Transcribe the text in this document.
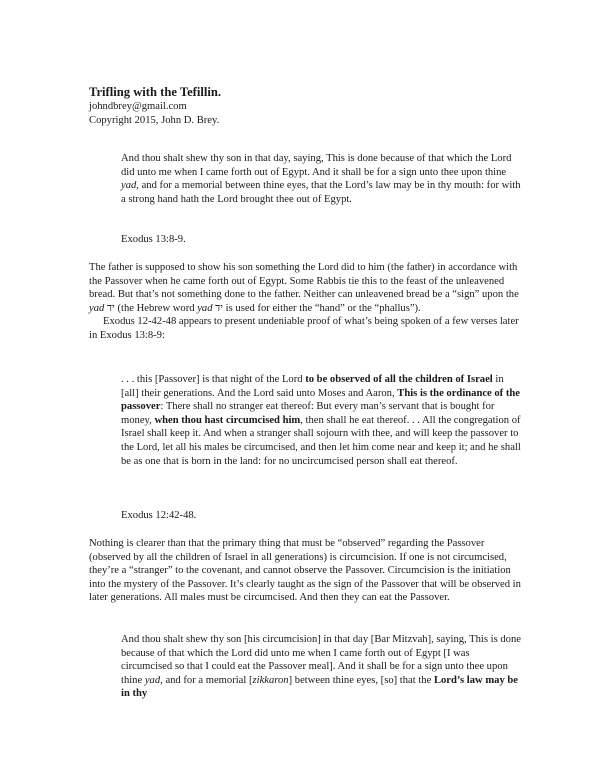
Trifling with the Tefillin.
johndbrey@gmail.com
Copyright 2015, John D. Brey.

And thou shalt shew thy son in that day, saying, This is done because of that which the Lord did unto me when I came forth out of Egypt. And it shall be for a sign unto thee upon thine yad, and for a memorial between thine eyes, that the Lord’s law may be in thy mouth: for with a strong hand hath the Lord brought thee out of Egypt.

Exodus 13:8-9.

The father is supposed to show his son something the Lord did to him (the father) in accordance with the Passover when he came forth out of Egypt. Some Rabbis tie this to the feast of the unleavened bread. But that’s not something done to the father. Neither can unleavened bread be a “sign” upon the yad יד (the Hebrew word yad יד is used for either the “hand” or the “phallus”).

Exodus 12-42-48 appears to present undeniable proof of what’s being spoken of a few verses later in Exodus 13:8-9:

. . . this [Passover] is that night of the Lord to be observed of all the children of Israel in [all] their generations. And the Lord said unto Moses and Aaron, This is the ordinance of the passover: There shall no stranger eat thereof: But every man’s servant that is bought for money, when thou hast circumcised him, then shall he eat thereof. . . All the congregation of Israel shall keep it. And when a stranger shall sojourn with thee, and will keep the passover to the Lord, let all his males be circumcised, and then let him come near and keep it; and he shall be as one that is born in the land: for no uncircumcised person shall eat thereof.

Exodus 12:42-48.

Nothing is clearer than that the primary thing that must be “observed” regarding the Passover (observed by all the children of Israel in all generations) is circumcision. If one is not circumcised, they’re a “stranger” to the covenant, and cannot observe the Passover. Circumcision is the initiation into the mystery of the Passover. It’s clearly taught as the sign of the Passover that will be observed in later generations. All males must be circumcised. And then they can eat the Passover.

And thou shalt shew thy son [his circumcision] in that day [Bar Mitzvah], saying, This is done because of that which the Lord did unto me when I came forth out of Egypt [I was circumcised so that I could eat the Passover meal]. And it shall be for a sign unto thee upon thine yad, and for a memorial [zikkaron] between thine eyes, [so] that the Lord’s law may be in thy
